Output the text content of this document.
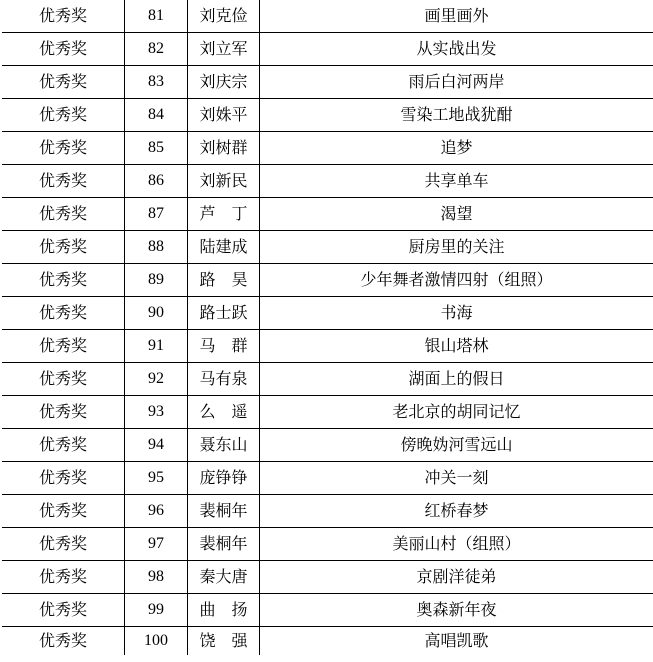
优秀奖	81	刘克俭	画里画外
优秀奖	82	刘立军	从实战出发
优秀奖	83	刘庆宗	雨后白河两岸
优秀奖	84	刘姝平	雪染工地战犹酣
优秀奖	85	刘树群	追梦
优秀奖	86	刘新民	共享单车
优秀奖	87	芦　丁	渴望
优秀奖	88	陆建成	厨房里的关注
优秀奖	89	路　昊	少年舞者激情四射（组照）
优秀奖	90	路士跃	书海
优秀奖	91	马　群	银山塔林
优秀奖	92	马有泉	湖面上的假日
优秀奖	93	么　遥	老北京的胡同记忆
优秀奖	94	聂东山	傍晚妫河雪远山
优秀奖	95	庞铮铮	冲关一刻
优秀奖	96	裴桐年	红桥春梦
优秀奖	97	裴桐年	美丽山村（组照）
优秀奖	98	秦大唐	京剧洋徒弟
优秀奖	99	曲　扬	奥森新年夜
优秀奖	100	饶　强	高唱凯歌
